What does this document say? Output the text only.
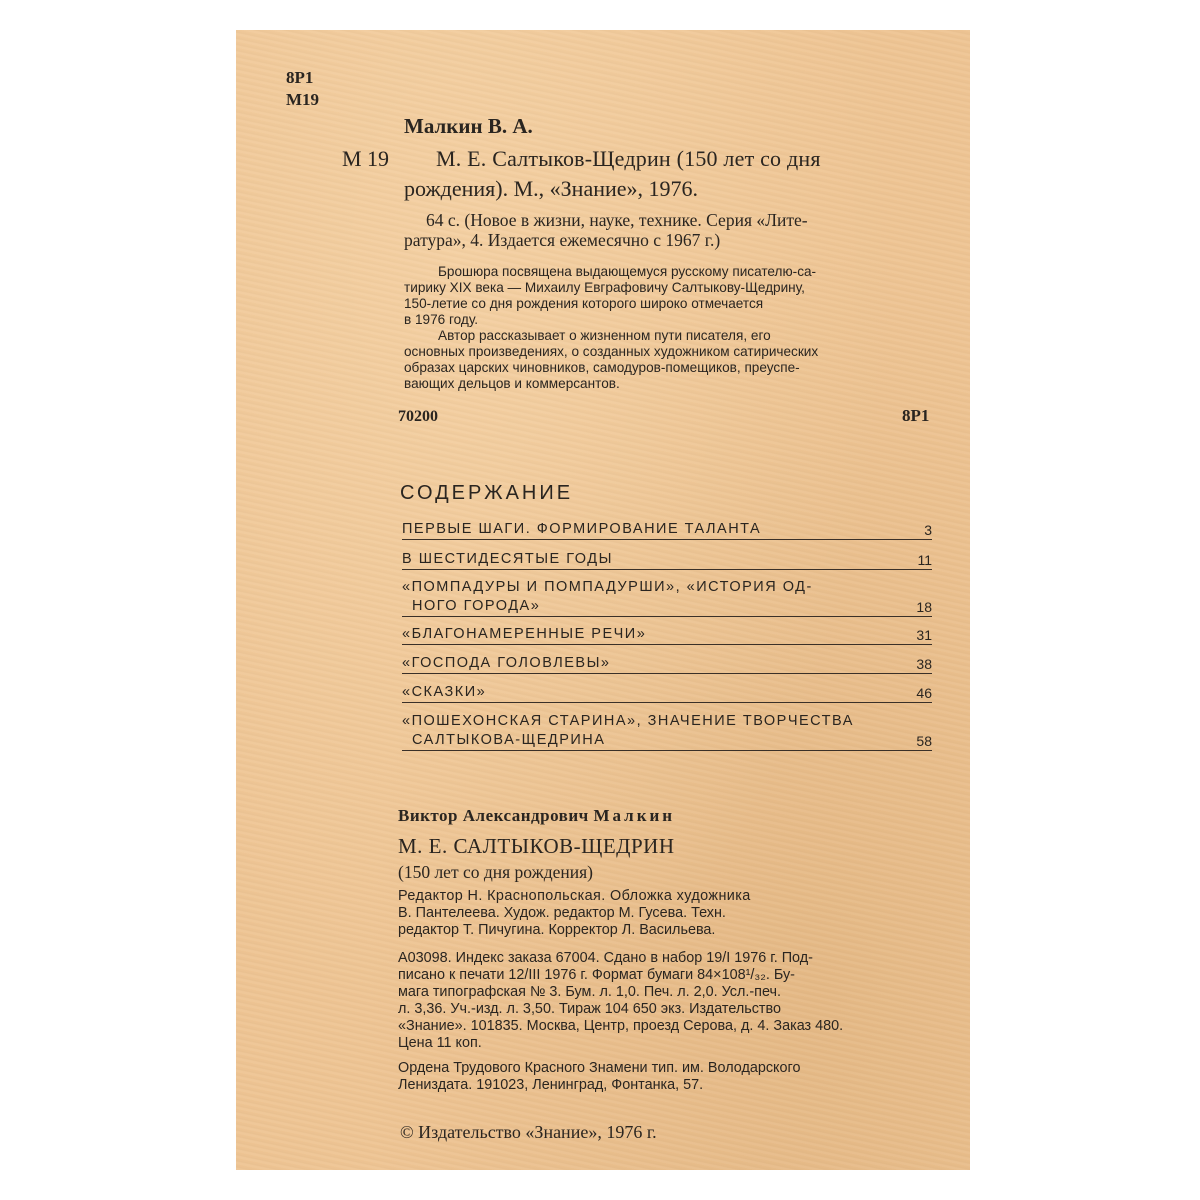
8Р1
М19
Малкин В. А.
М 19 М. Е. Салтыков-Щедрин (150 лет со дня
рождения). М., «Знание», 1976.
64 с. (Новое в жизни, науке, технике. Серия «Лите-
ратура», 4. Издается ежемесячно с 1967 г.)
Брошюра посвящена выдающемуся русскому писателю-са-
тирику XIX века — Михаилу Евграфовичу Салтыкову-Щедрину,
150-летие со дня рождения которого широко отмечается
в 1976 году.
Автор рассказывает о жизненном пути писателя, его
основных произведениях, о созданных художником сатирических
образах царских чиновников, самодуров-помещиков, преуспе-
вающих дельцов и коммерсантов.
70200	8Р1
СОДЕРЖАНИЕ
ПЕРВЫЕ ШАГИ. ФОРМИРОВАНИЕ ТАЛАНТА	3
В ШЕСТИДЕСЯТЫЕ ГОДЫ	11
«ПОМПАДУРЫ И ПОМПАДУРШИ», «ИСТОРИЯ ОД-
НОГО ГОРОДА»	18
«БЛАГОНАМЕРЕННЫЕ РЕЧИ»	31
«ГОСПОДА ГОЛОВЛЕВЫ»	38
«СКАЗКИ»	46
«ПОШЕХОНСКАЯ СТАРИНА», ЗНАЧЕНИЕ ТВОРЧЕСТВА
САЛТЫКОВА-ЩЕДРИНА	58
Виктор Александрович Малкин
М. Е. САЛТЫКОВ-ЩЕДРИН
(150 лет со дня рождения)
Редактор Н. Краснопольская. Обложка художника
В. Пантелеева. Худож. редактор М. Гусева. Техн.
редактор Т. Пичугина. Корректор Л. Васильева.
А03098. Индекс заказа 67004. Сдано в набор 19/I 1976 г. Под-
писано к печати 12/III 1976 г. Формат бумаги 84×108¹/₃₂. Бу-
мага типографская № 3. Бум. л. 1,0. Печ. л. 2,0. Усл.-печ.
л. 3,36. Уч.-изд. л. 3,50. Тираж 104 650 экз. Издательство
«Знание». 101835. Москва, Центр, проезд Серова, д. 4. Заказ 480.
Цена 11 коп.
Ордена Трудового Красного Знамени тип. им. Володарского
Лениздата. 191023, Ленинград, Фонтанка, 57.
© Издательство «Знание», 1976 г.
